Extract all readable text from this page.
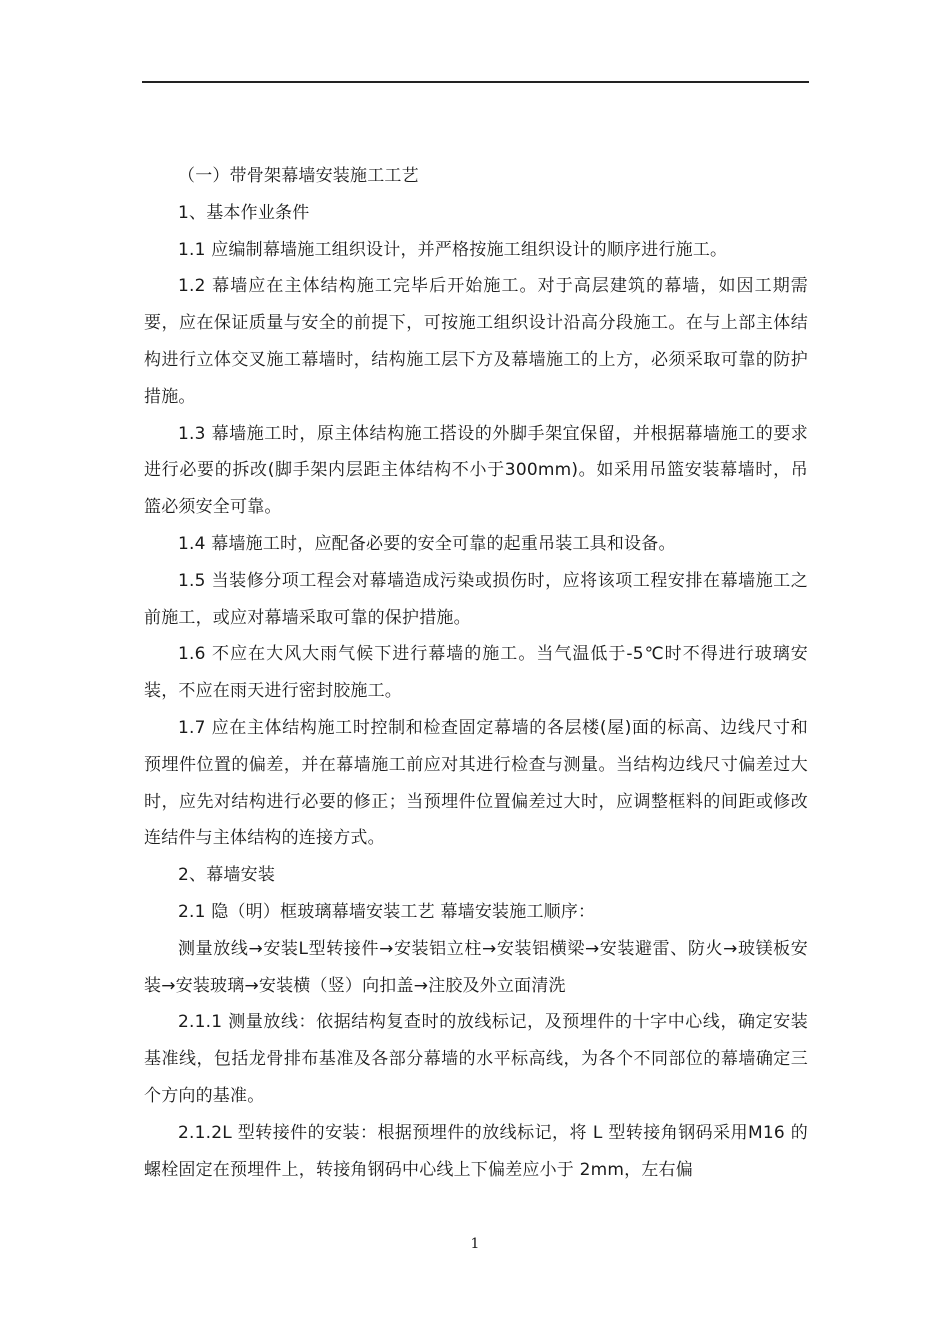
（一）带骨架幕墙安装施工工艺

1、基本作业条件

1.1 应编制幕墙施工组织设计，并严格按施工组织设计的顺序进行施工。

1.2 幕墙应在主体结构施工完毕后开始施工。对于高层建筑的幕墙，如因工期需要，应在保证质量与安全的前提下，可按施工组织设计沿高分段施工。在与上部主体结构进行立体交叉施工幕墙时，结构施工层下方及幕墙施工的上方，必须采取可靠的防护措施。

1.3 幕墙施工时，原主体结构施工搭设的外脚手架宜保留，并根据幕墙施工的要求进行必要的拆改(脚手架内层距主体结构不小于300mm)。如采用吊篮安装幕墙时，吊篮必须安全可靠。

1.4 幕墙施工时，应配备必要的安全可靠的起重吊装工具和设备。

1.5 当装修分项工程会对幕墙造成污染或损伤时，应将该项工程安排在幕墙施工之前施工，或应对幕墙采取可靠的保护措施。

1.6 不应在大风大雨气候下进行幕墙的施工。当气温低于-5℃时不得进行玻璃安装，不应在雨天进行密封胶施工。

1.7 应在主体结构施工时控制和检查固定幕墙的各层楼(屋)面的标高、边线尺寸和预埋件位置的偏差，并在幕墙施工前应对其进行检查与测量。当结构边线尺寸偏差过大时，应先对结构进行必要的修正；当预埋件位置偏差过大时，应调整框料的间距或修改连结件与主体结构的连接方式。

2、幕墙安装

2.1 隐（明）框玻璃幕墙安装工艺 幕墙安装施工顺序：

测量放线→安装L型转接件→安装铝立柱→安装铝横梁→安装避雷、防火→玻镁板安装→安装玻璃→安装横（竖）向扣盖→注胶及外立面清洗

2.1.1 测量放线：依据结构复查时的放线标记，及预埋件的十字中心线，确定安装基准线，包括龙骨排布基准及各部分幕墙的水平标高线，为各个不同部位的幕墙确定三个方向的基准。

2.1.2L 型转接件的安装：根据预埋件的放线标记，将 L 型转接角钢码采用M16 的螺栓固定在预埋件上，转接角钢码中心线上下偏差应小于 2mm，左右偏

1
